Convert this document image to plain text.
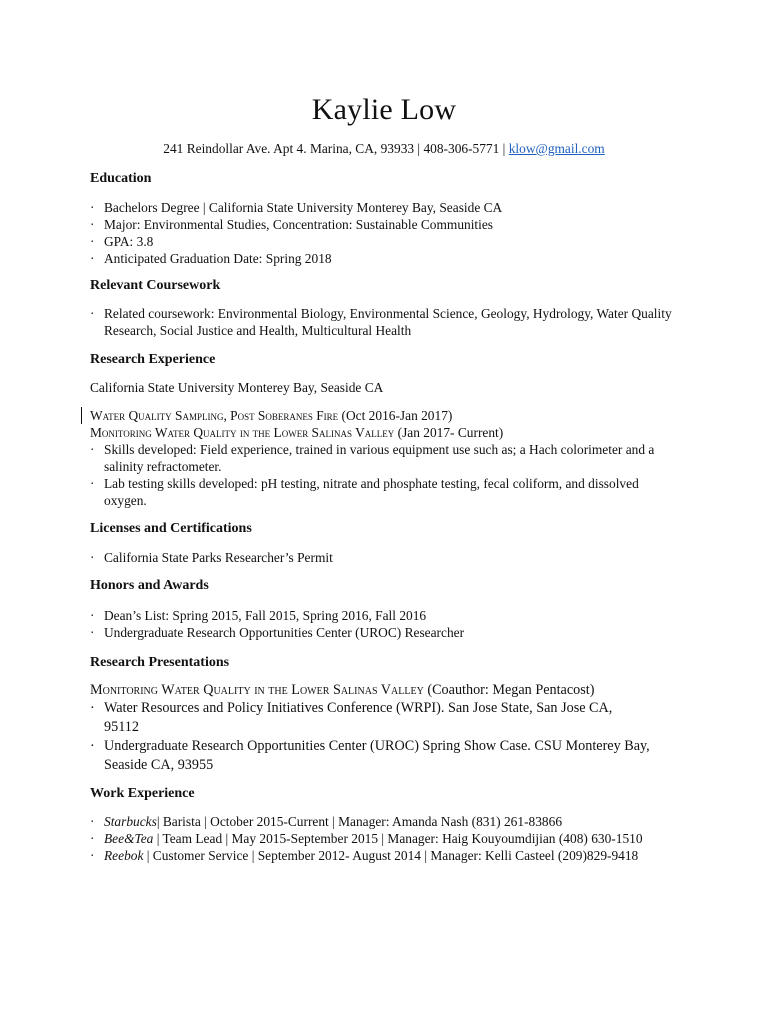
Kaylie Low
241 Reindollar Ave. Apt 4. Marina, CA, 93933 | 408-306-5771 | klow@gmail.com
Education
· Bachelors Degree | California State University Monterey Bay, Seaside CA
· Major: Environmental Studies, Concentration: Sustainable Communities
· GPA: 3.8
· Anticipated Graduation Date: Spring 2018
Relevant Coursework
· Related coursework: Environmental Biology, Environmental Science, Geology, Hydrology, Water Quality Research, Social Justice and Health, Multicultural Health
Research Experience
California State University Monterey Bay, Seaside CA
Water Quality Sampling, Post Soberanes Fire (Oct 2016-Jan 2017)
Monitoring Water Quality in the Lower Salinas Valley (Jan 2017- Current)
· Skills developed: Field experience, trained in various equipment use such as; a Hach colorimeter and a salinity refractometer.
· Lab testing skills developed: pH testing, nitrate and phosphate testing, fecal coliform, and dissolved oxygen.
Licenses and Certifications
· California State Parks Researcher’s Permit
Honors and Awards
· Dean’s List: Spring 2015, Fall 2015, Spring 2016, Fall 2016
· Undergraduate Research Opportunities Center (UROC) Researcher
Research Presentations
Monitoring Water Quality in the Lower Salinas Valley (Coauthor: Megan Pentacost)
· Water Resources and Policy Initiatives Conference (WRPI). San Jose State, San Jose CA, 95112
· Undergraduate Research Opportunities Center (UROC) Spring Show Case. CSU Monterey Bay, Seaside CA, 93955
Work Experience
· Starbucks| Barista | October 2015-Current | Manager: Amanda Nash (831) 261-83866
· Bee&Tea | Team Lead | May 2015-September 2015 | Manager: Haig Kouyoumdijian (408) 630-1510
· Reebok | Customer Service | September 2012- August 2014 | Manager: Kelli Casteel (209)829-9418
